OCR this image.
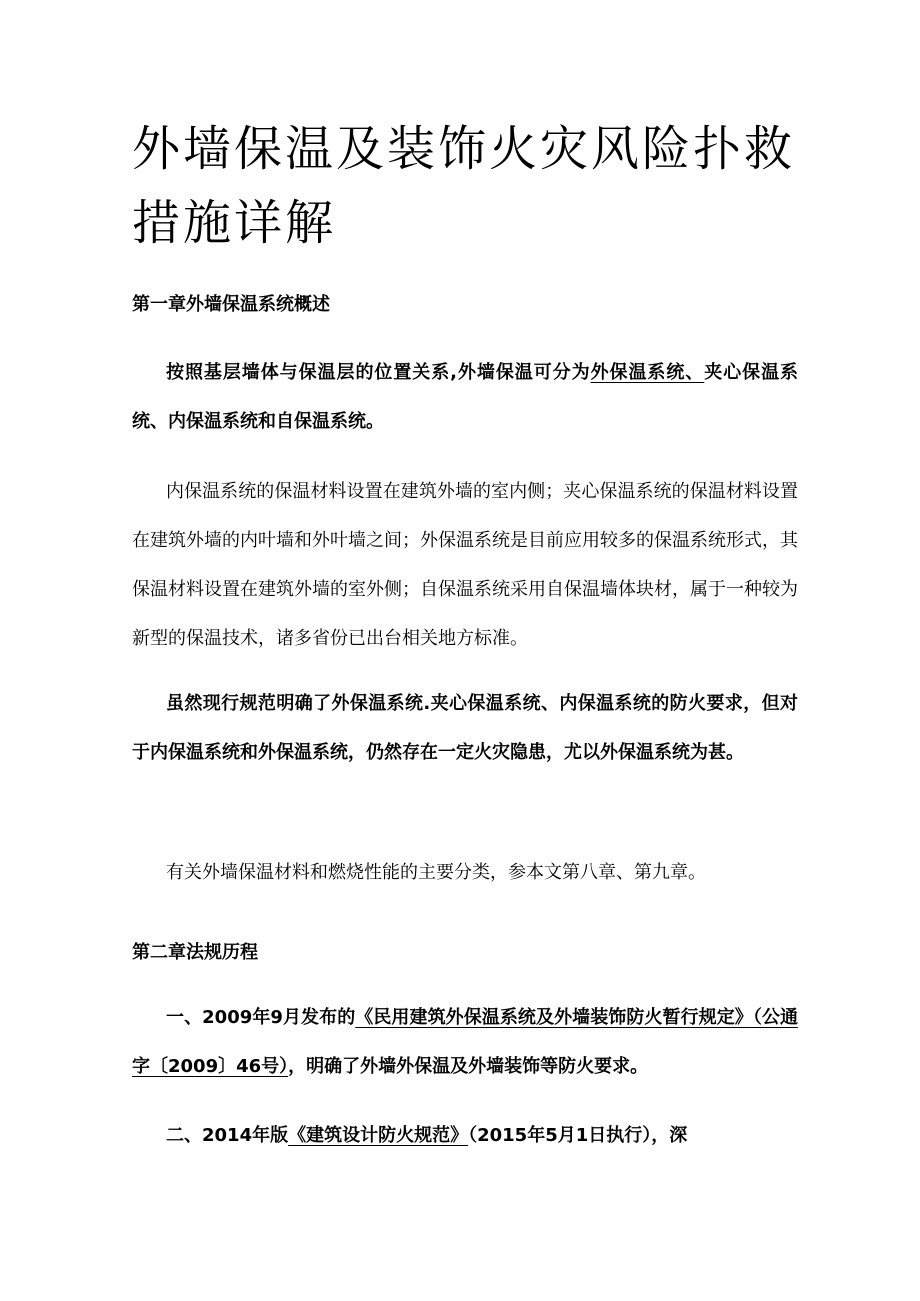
外墙保温及装饰火灾风险扑救措施详解
第一章外墙保温系统概述

按照基层墙体与保温层的位置关系,外墙保温可分为外保温系统、夹心保温系统、内保温系统和自保温系统。

内保温系统的保温材料设置在建筑外墙的室内侧；夹心保温系统的保温材料设置在建筑外墙的内叶墙和外叶墙之间；外保温系统是目前应用较多的保温系统形式，其保温材料设置在建筑外墙的室外侧；自保温系统采用自保温墙体块材，属于一种较为新型的保温技术，诸多省份已出台相关地方标准。

虽然现行规范明确了外保温系统.夹心保温系统、内保温系统的防火要求，但对于内保温系统和外保温系统，仍然存在一定火灾隐患，尤以外保温系统为甚。

有关外墙保温材料和燃烧性能的主要分类，参本文第八章、第九章。

第二章法规历程

一、2009年9月发布的《民用建筑外保温系统及外墙装饰防火暂行规定》（公通字〔2009〕46号），明确了外墙外保温及外墙装饰等防火要求。

二、2014年版《建筑设计防火规范》（2015年5月1日执行），深
